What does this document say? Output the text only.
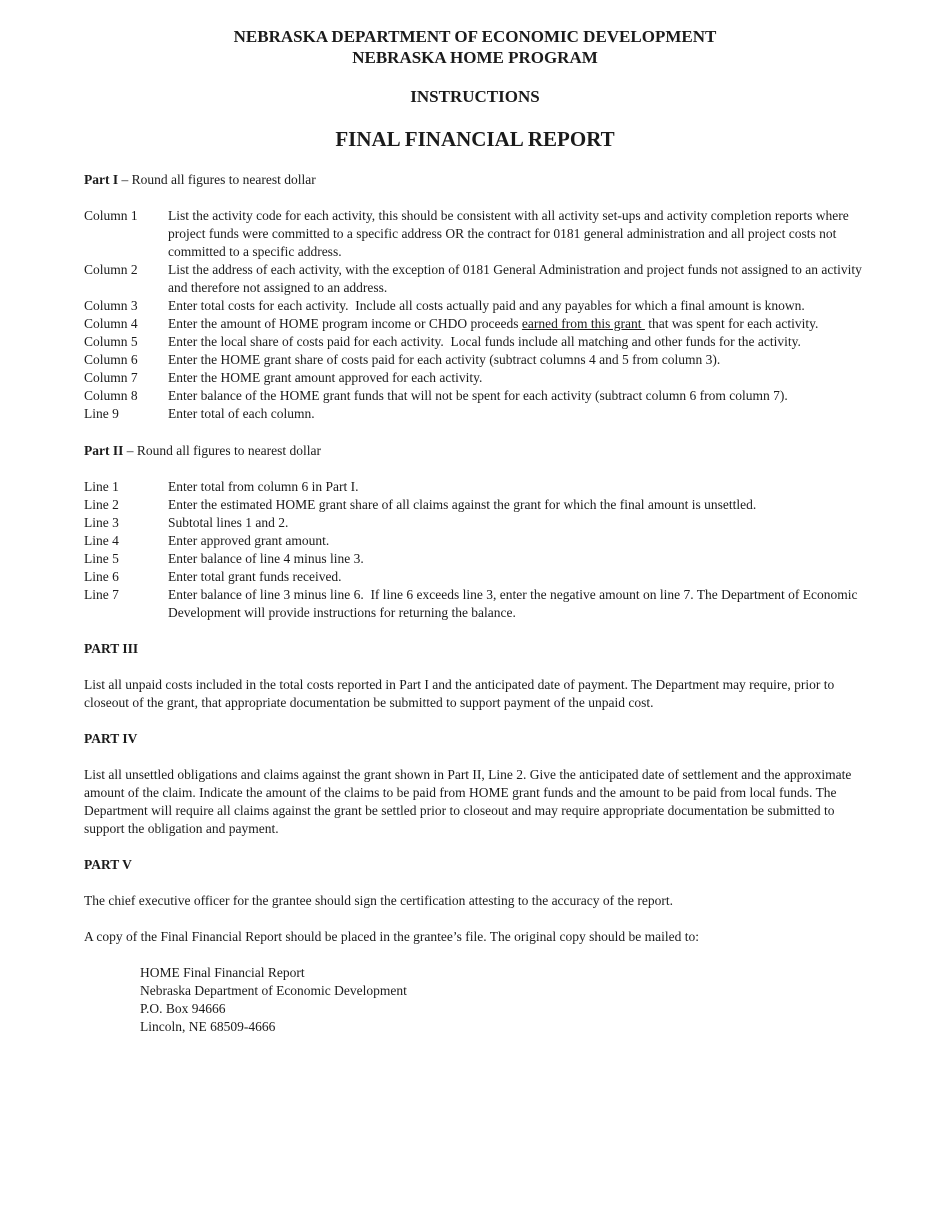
NEBRASKA DEPARTMENT OF ECONOMIC DEVELOPMENT
NEBRASKA HOME PROGRAM
INSTRUCTIONS
FINAL FINANCIAL REPORT

Part I – Round all figures to nearest dollar

Column 1	List the activity code for each activity, this should be consistent with all activity set-ups and activity completion reports where project funds were committed to a specific address OR the contract for 0181 general administration and all project costs not committed to a specific address.
Column 2	List the address of each activity, with the exception of 0181 General Administration and project funds not assigned to an activity and therefore not assigned to an address.
Column 3	Enter total costs for each activity.  Include all costs actually paid and any payables for which a final amount is known.
Column 4	Enter the amount of HOME program income or CHDO proceeds earned from this grant  that was spent for each activity.
Column 5	Enter the local share of costs paid for each activity.  Local funds include all matching and other funds for the activity.
Column 6	Enter the HOME grant share of costs paid for each activity (subtract columns 4 and 5 from column 3).
Column 7	Enter the HOME grant amount approved for each activity.
Column 8	Enter balance of the HOME grant funds that will not be spent for each activity (subtract column 6 from column 7).
Line 9	Enter total of each column.

Part II – Round all figures to nearest dollar

Line 1	Enter total from column 6 in Part I.
Line 2	Enter the estimated HOME grant share of all claims against the grant for which the final amount is unsettled.
Line 3	Subtotal lines 1 and 2.
Line 4	Enter approved grant amount.
Line 5	Enter balance of line 4 minus line 3.
Line 6	Enter total grant funds received.
Line 7	Enter balance of line 3 minus line 6.  If line 6 exceeds line 3, enter the negative amount on line 7. The Department of Economic Development will provide instructions for returning the balance.
PART III

List all unpaid costs included in the total costs reported in Part I and the anticipated date of payment. The Department may require, prior to closeout of the grant, that appropriate documentation be submitted to support payment of the unpaid cost.

PART IV

List all unsettled obligations and claims against the grant shown in Part II, Line 2. Give the anticipated date of settlement and the approximate amount of the claim. Indicate the amount of the claims to be paid from HOME grant funds and the amount to be paid from local funds. The Department will require all claims against the grant be settled prior to closeout and may require appropriate documentation be submitted to support the obligation and payment.

PART V

The chief executive officer for the grantee should sign the certification attesting to the accuracy of the report.

A copy of the Final Financial Report should be placed in the grantee’s file. The original copy should be mailed to:

HOME Final Financial Report
Nebraska Department of Economic Development
P.O. Box 94666
Lincoln, NE 68509-4666
